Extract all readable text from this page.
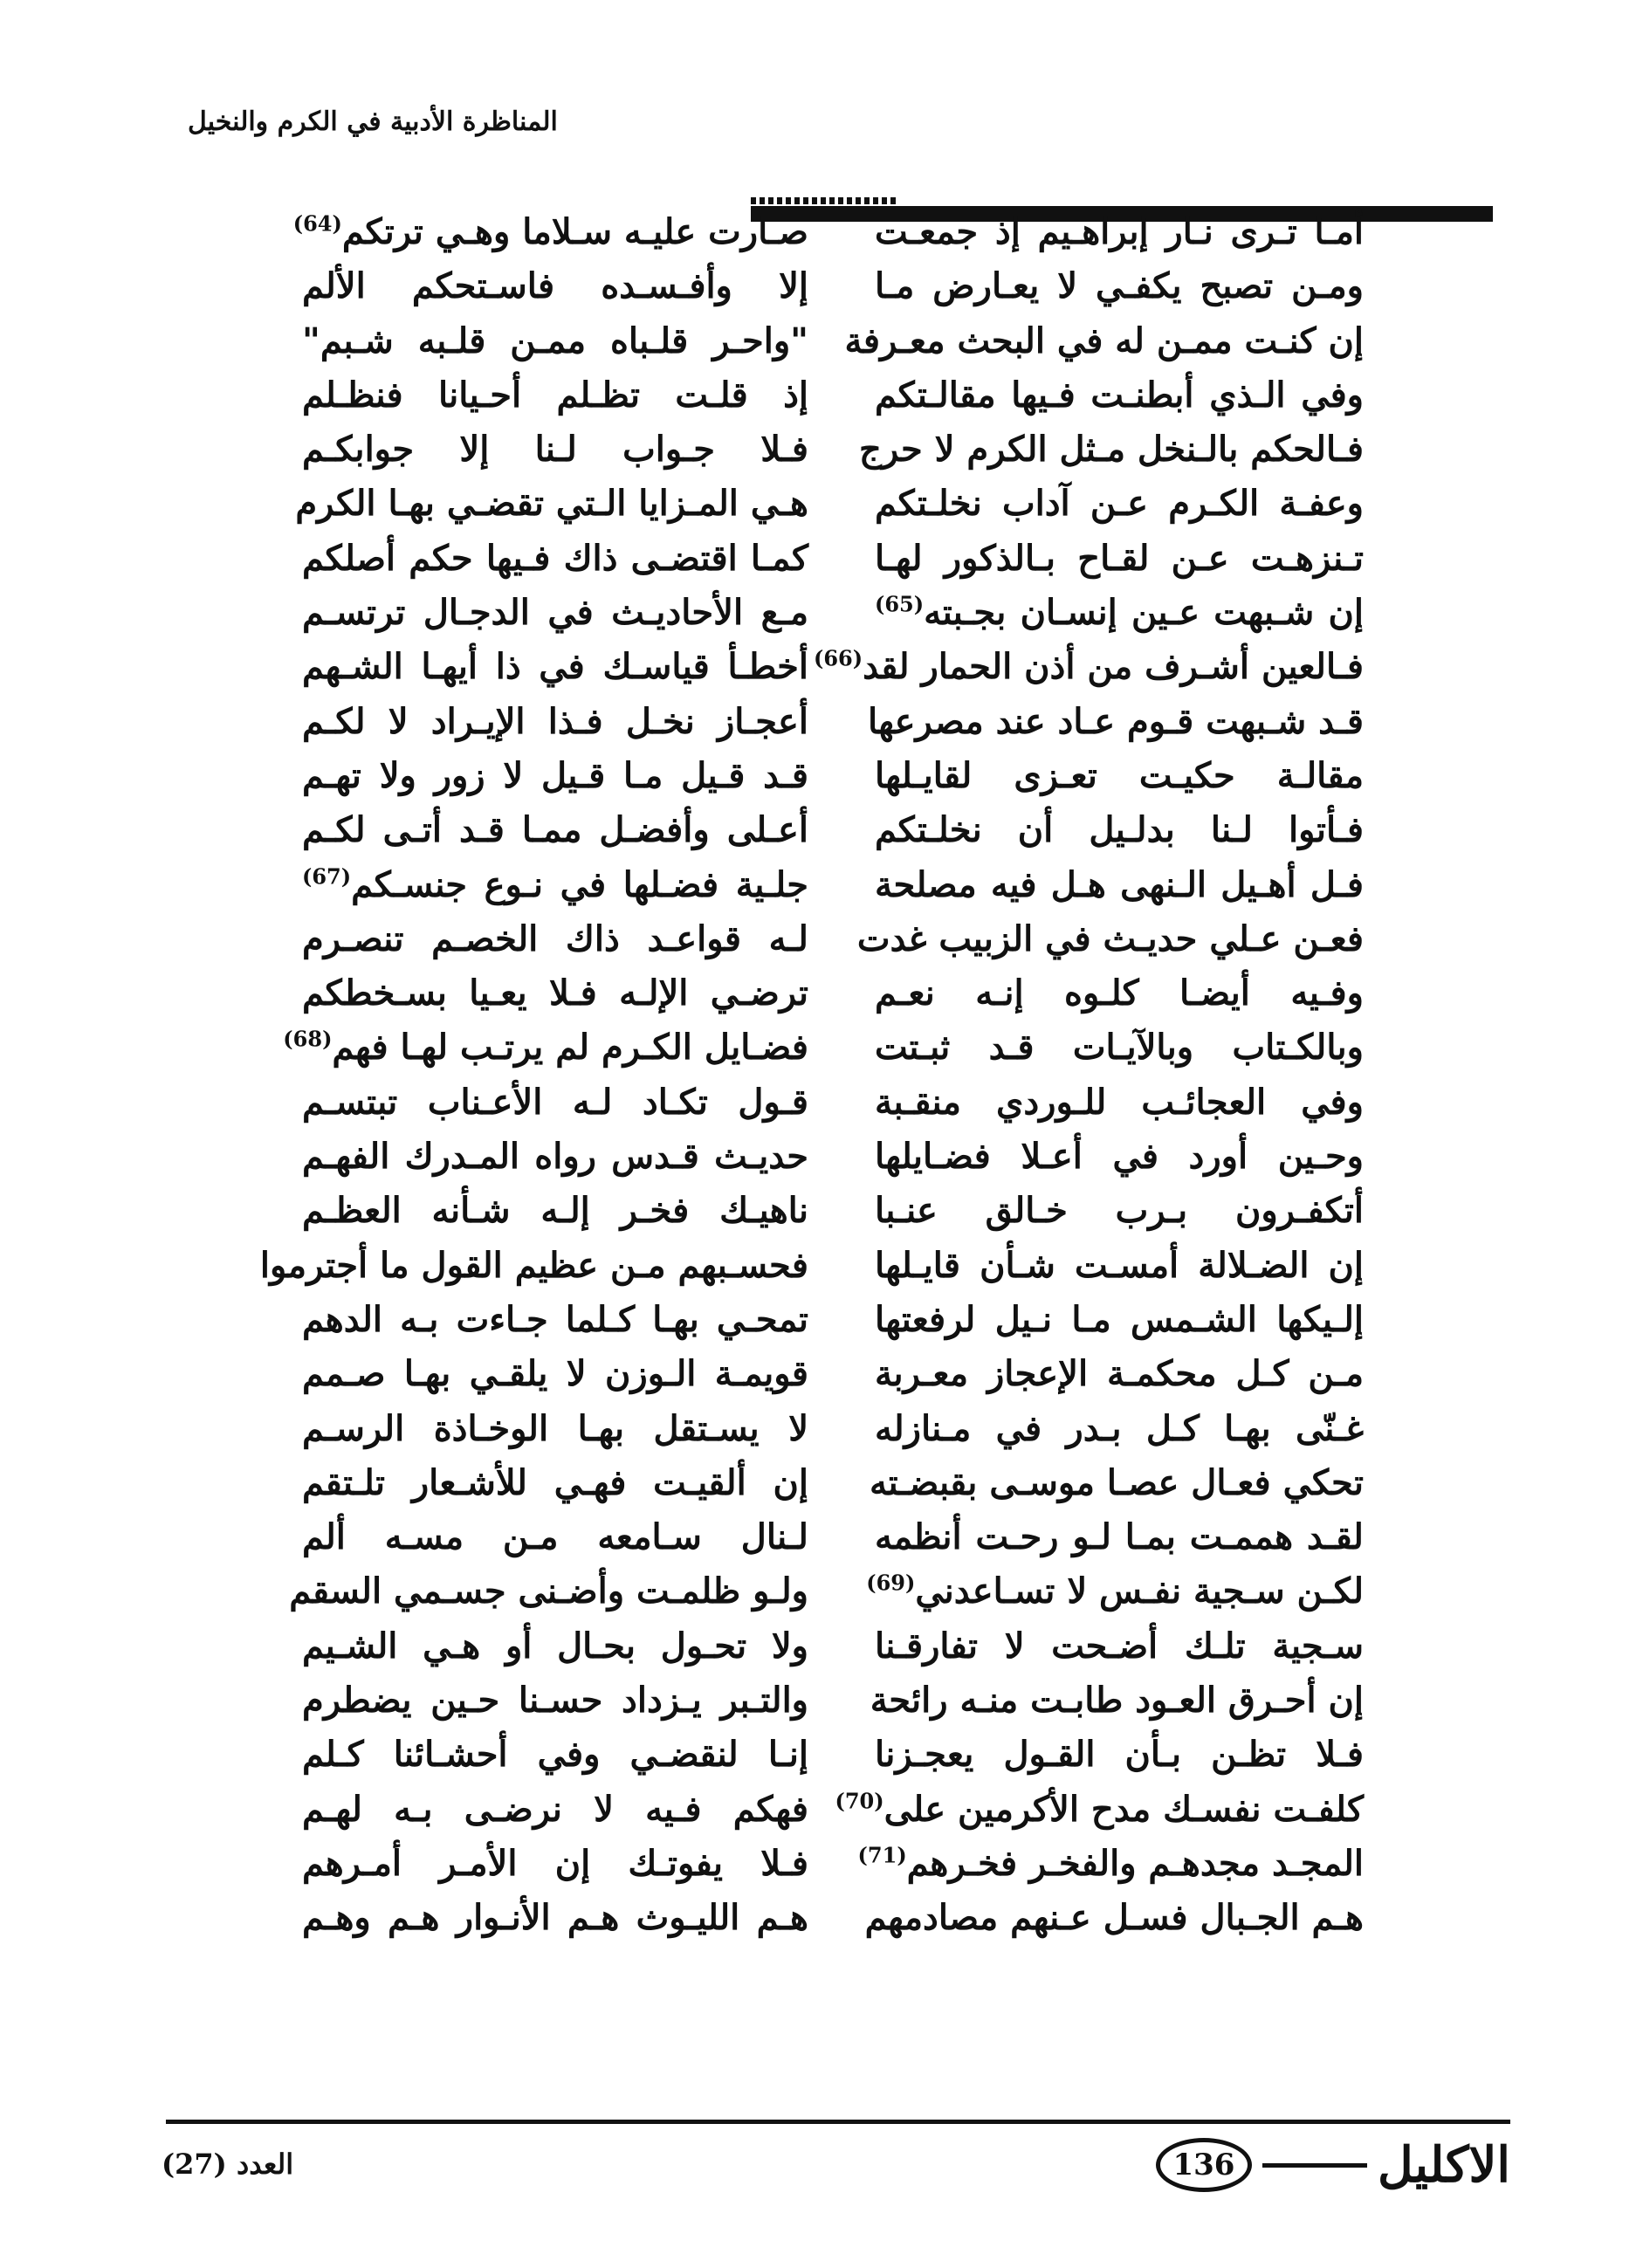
المناظرة الأدبية في الكرم والنخيل
أمـا تـرى نـار إبراهـيم إذ جمعـت
ومـن تصبح يكفـي لا يعـارض مـا
إن كنـت ممـن له في البحث معـرفة
وفي الـذي أبطنـت فـيها مقالـتكم
فـالحكم بالـنخل مـثل الكرم لا حرج
وعفـة الكـرم عـن آداب نخلـتكم
تـنزهـت عـن لقـاح بـالذكور لهـا
إن شـبهت عـين إنسـان بجـبته$^{(65)}$
فـالعين أشـرف من أذن الحمار لقد$^{(66)}$
قـد شـبهت قـوم عـاد عند مصرعها
مقالـة حكيـت تعـزى لقايـلها
فـأتوا لـنا بدلـيل أن نخلـتكم
فـل أهـيل الـنهى هـل فيه مصلحة
فعـن عـلي حديـث في الزبيب غدت
وفـيه أيضـا كلـوه إنـه نعـم
وبالكـتاب وبالآيـات قـد ثبـتت
وفي العجائـب للـوردي منقـبة
وحـين أورد في أعـلا فضـايلها
أتكفـرون بـرب خـالق عنـبا
إن الضـلالة أمسـت شـأن قايـلها
إلـيكها الشـمس مـا نـيل لرفعتها
مـن كـل محكمـة الإعجاز معـربة
غـنّى بهـا كـل بـدر في مـنازله
تحكي فعـال عصـا موسـى بقبضـته
لقـد هممـت بمـا لـو رحـت أنظمه
لكـن سـجية نفـس لا تسـاعدني$^{(69)}$
سـجية تلـك أضـحت لا تفارقـنا
إن أحـرق العـود طابـت منـه رائحة
فـلا تظـن بـأن القـول يعجـزنا
كلفـت نفسـك مدح الأكرمين على$^{(70)}$
المجـد مجدهـم والفخـر فخـرهم$^{(71)}$
هـم الجـبال فسـل عـنهم مصادمهم
صـارت عليـه سـلاما وهـي ترتكم$^{(64)}$
إلا وأفـسـده فاسـتحكم الألم
"واحـر قلـباه ممـن قلـبه شـبم"
إذ قلـت تظـلم أحـيانا فنظـلم
فـلا جـواب لـنا إلا جوابكـم
هـي المـزايا الـتي تقضـي بهـا الكرم
كمـا اقتضـى ذاك فـيها حكم أصلكم
مـع الأحاديـث في الدجـال ترتسـم
أخطـأ قياسـك في ذا أيهـا الشـهم
أعجـاز نخـل فـذا الإيـراد لا لكـم
قـد قـيل مـا قـيل لا زور ولا تهـم
أعـلى وأفضـل ممـا قـد أتـى لكـم
جلـية فضـلها في نـوع جنسـكم$^{(67)}$
لـه قواعـد ذاك الخصـم تنصـرم
ترضـي الإلـه فـلا يعـيا بسـخطكم
فضـايل الكـرم لم يرتـب لهـا فهم$^{(68)}$
قـول تكـاد لـه الأعـناب تبتسـم
حديـث قـدس رواه المـدرك الفهـم
ناهيـك فخـر إلـه شـأنه العظـم
فحسـبهم مـن عظيم القول ما أجترموا
تمحـي بهـا كـلما جـاءت بـه الدهم
قويمـة الـوزن لا يلقـي بهـا صـمم
لا يسـتقل بهـا الوخـاذة الرسـم
إن ألقيـت فهـي للأشـعار تلـتقم
لـنال سـامعه مـن مسـه ألم
ولـو ظلمـت وأضـنى جسـمي السقم
ولا تحـول بحـال أو هـي الشـيم
والتـبر يـزداد حسـنا حـين يضطرم
إنـا لنقضـي وفي أحشـائنا كـلم
فهكم فـيه لا نرضـى بـه لهـم
فـلا يفوتـك إن الأمـر أمـرهم
هـم الليـوث هـم الأنـوار هـم وهـم
الاكليل
136
العدد (27)
